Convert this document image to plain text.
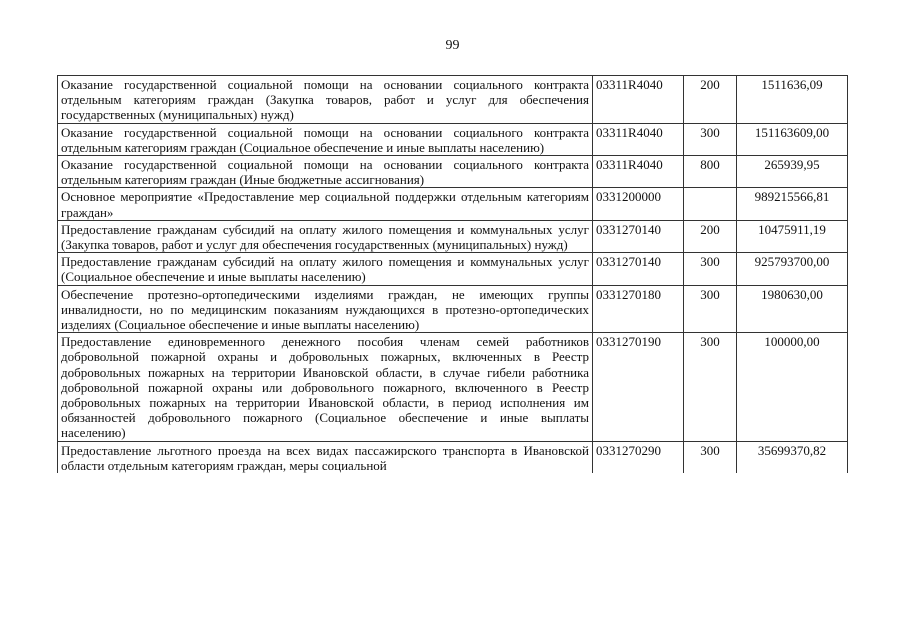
99
Оказание государственной социальной помощи на основании социального контракта отдельным категориям граждан (Закупка товаров, работ и услуг для обеспечения государственных (муниципальных) нужд)	03311R4040	200	1511636,09
Оказание государственной социальной помощи на основании социального контракта отдельным категориям граждан (Социальное обеспечение и иные выплаты населению)	03311R4040	300	151163609,00
Оказание государственной социальной помощи на основании социального контракта отдельным категориям граждан (Иные бюджетные ассигнования)	03311R4040	800	265939,95
Основное мероприятие «Предоставление мер социальной поддержки отдельным категориям граждан»	0331200000		989215566,81
Предоставление гражданам субсидий на оплату жилого помещения и коммунальных услуг (Закупка товаров, работ и услуг для обеспечения государственных (муниципальных) нужд)	0331270140	200	10475911,19
Предоставление гражданам субсидий на оплату жилого помещения и коммунальных услуг (Социальное обеспечение и иные выплаты населению)	0331270140	300	925793700,00
Обеспечение протезно-ортопедическими изделиями граждан, не имеющих группы инвалидности, но по медицинским показаниям нуждающихся в протезно-ортопедических изделиях (Социальное обеспечение и иные выплаты населению)	0331270180	300	1980630,00
Предоставление единовременного денежного пособия членам семей работников добровольной пожарной охраны и добровольных пожарных, включенных в Реестр добровольных пожарных на территории Ивановской области, в случае гибели работника добровольной пожарной охраны или добровольного пожарного, включенного в Реестр добровольных пожарных на территории Ивановской области, в период исполнения им обязанностей добровольного пожарного (Социальное обеспечение и иные выплаты населению)	0331270190	300	100000,00
Предоставление льготного проезда на всех видах пассажирского транспорта в Ивановской области отдельным категориям граждан, меры социальной	0331270290	300	35699370,82
